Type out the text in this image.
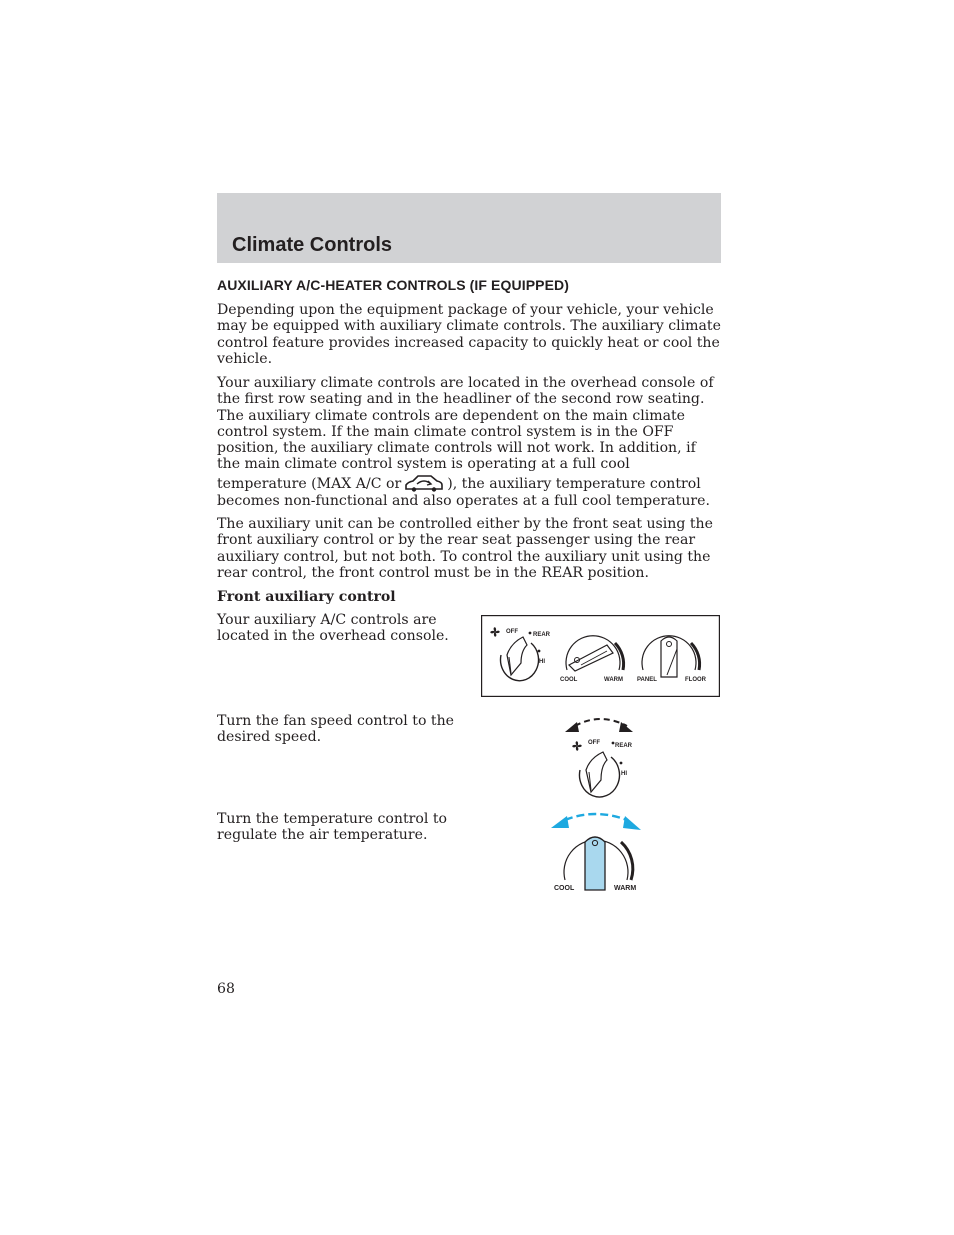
Climate Controls
AUXILIARY A/C-HEATER CONTROLS (IF EQUIPPED)

Depending upon the equipment package of your vehicle, your vehicle may be equipped with auxiliary climate controls. The auxiliary climate control feature provides increased capacity to quickly heat or cool the vehicle.

Your auxiliary climate controls are located in the overhead console of the first row seating and in the headliner of the second row seating. The auxiliary climate controls are dependent on the main climate control system. If the main climate control system is in the OFF position, the auxiliary climate controls will not work. In addition, if the main climate control system is operating at a full cool temperature (MAX A/C or	), the auxiliary temperature control becomes non-functional and also operates at a full cool temperature.

The auxiliary unit can be controlled either by the front seat using the front auxiliary control or by the rear seat passenger using the rear auxiliary control, but not both. To control the auxiliary unit using the rear control, the front control must be in the REAR position.

Front auxiliary control
Your auxiliary A/C controls are located in the overhead console.
Turn the fan speed control to the desired speed.
Turn the temperature control to regulate the air temperature.
OFF	REAR
HI
COOL	WARM PANEL	FLOOR
OFF	REAR
HI
COOL	WARM
68
